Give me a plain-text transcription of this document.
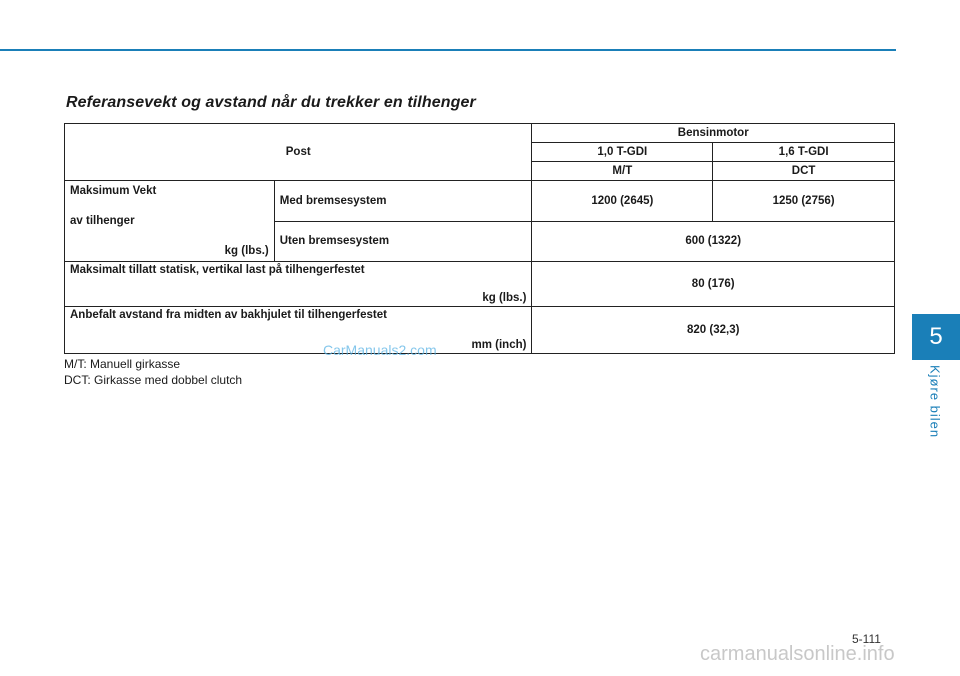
Referansevekt og avstand når du trekker en tilhenger
Post		Bensinmotor	
		1,0 T-GDI	1,6 T-GDI
		M/T	DCT

Maksimum Vekt
av tilhenger
kg (lbs.)	Med bremsesystem	1200 (2645)	1250 (2756)
	Uten bremsesystem	600 (1322)	

Maksimalt tillatt statisk, vertikal last på tilhengerfestet
kg (lbs.)		80 (176)	

Anbefalt avstand fra midten av bakhjulet til tilhengerfestet
mm (inch)		820 (32,3)	
M/T: Manuell girkasse
DCT: Girkasse med dobbel clutch
CarManuals2.com	5
Kjøre bilen
5-111
carmanualsonline.info
